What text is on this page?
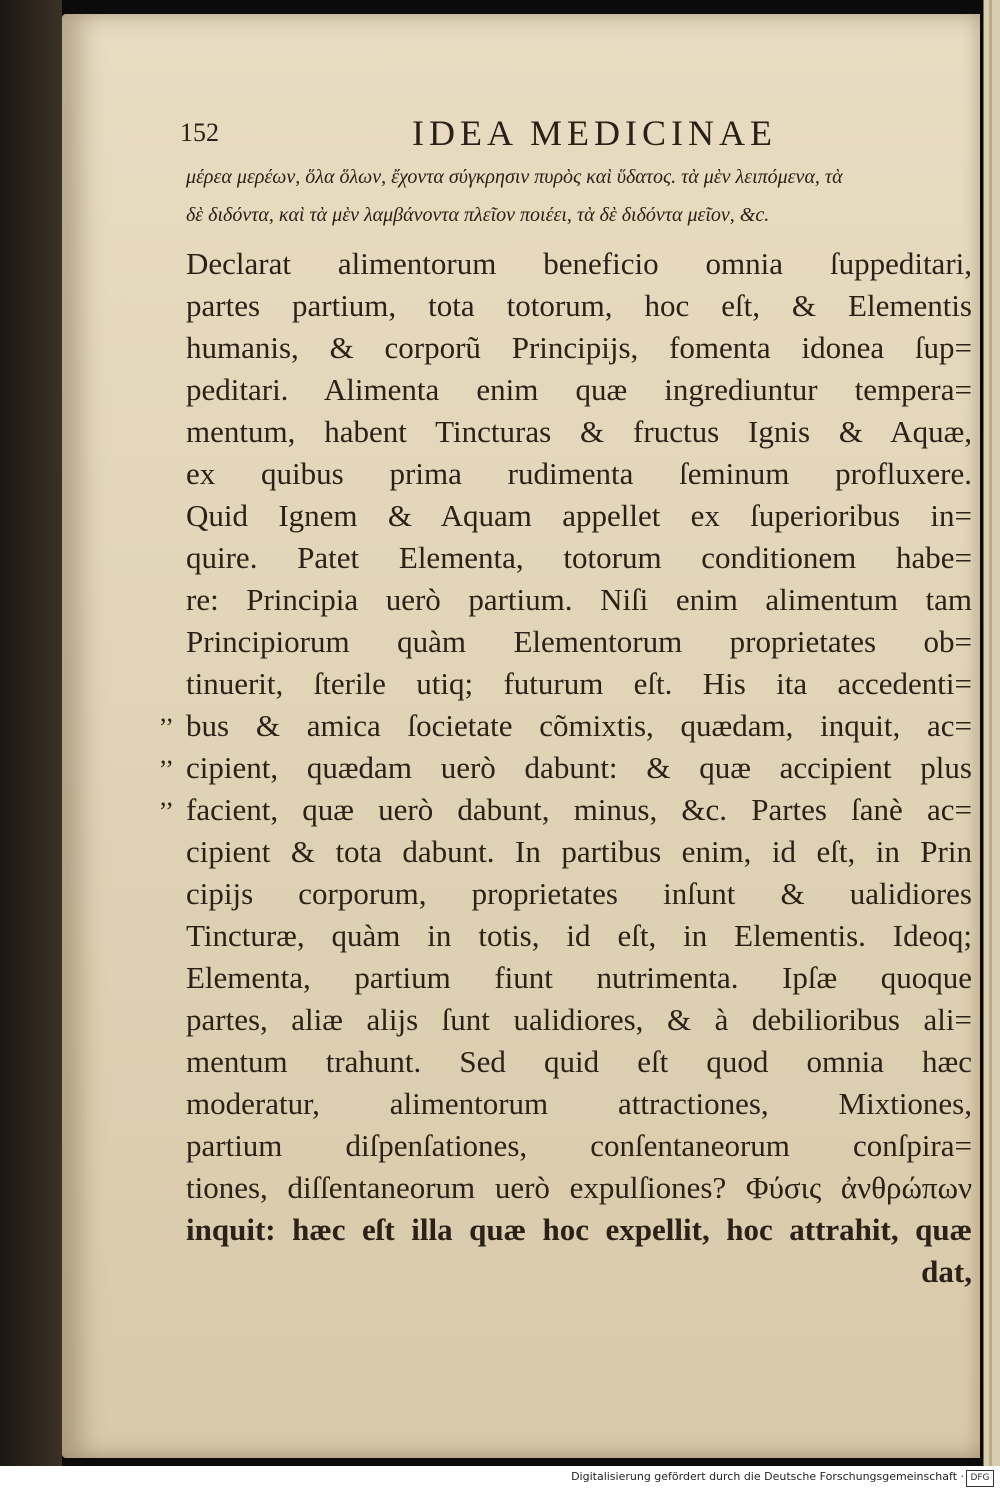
152	IDEA MEDICINAE

μέρεα μερέων, ὅλα ὅλων, ἔχοντα σύγκρησιν πυρὸς καὶ ὕδατος. τὰ μὲν λειπόμενα, τὰ

δὲ διδόντα, καὶ τὰ μὲν λαμβάνοντα πλεῖον ποιέει, τὰ δὲ διδόντα μεῖον, &c.

Declarat alimentorum beneficio omnia ſuppeditari,

partes partium, tota totorum, hoc eſt, & Elementis

humanis, & corporũ Principijs, fomenta idonea ſup=

peditari. Alimenta enim quæ ingrediuntur tempera=

mentum, habent Tincturas & fructus Ignis & Aquæ,

ex quibus prima rudimenta ſeminum profluxere.

Quid Ignem & Aquam appellet ex ſuperioribus in=

quire. Patet Elementa, totorum conditionem habe=

re: Principia uerò partium. Niſi enim alimentum tam

Principiorum quàm Elementorum proprietates ob=

tinuerit, ſterile utiq; futurum eſt. His ita accedenti=

,, bus & amica ſocietate cõmixtis, quædam, inquit, ac=

,, cipient, quædam uerò dabunt: & quæ accipient plus

,, facient, quæ uerò dabunt, minus, &c. Partes ſanè ac=

cipient & tota dabunt. In partibus enim, id eſt, in Prin

cipijs corporum, proprietates inſunt & ualidiores

Tincturæ, quàm in totis, id eſt, in Elementis. Ideoq;

Elementa, partium fiunt nutrimenta. Ipſæ quoque

partes, aliæ alijs ſunt ualidiores, & à debilioribus ali=

mentum trahunt. Sed quid eſt quod omnia hæc

moderatur, alimentorum attractiones, Mixtiones,

partium diſpenſationes, conſentaneorum conſpira=

tiones, diſſentaneorum uerò expulſiones? Φύσις ἀνθρώπων

inquit: hæc eſt illa quæ hoc expellit, hoc attrahit, quæ

dat,

Digitalisierung gefördert durch die Deutsche Forschungsgemeinschaft · DFG
